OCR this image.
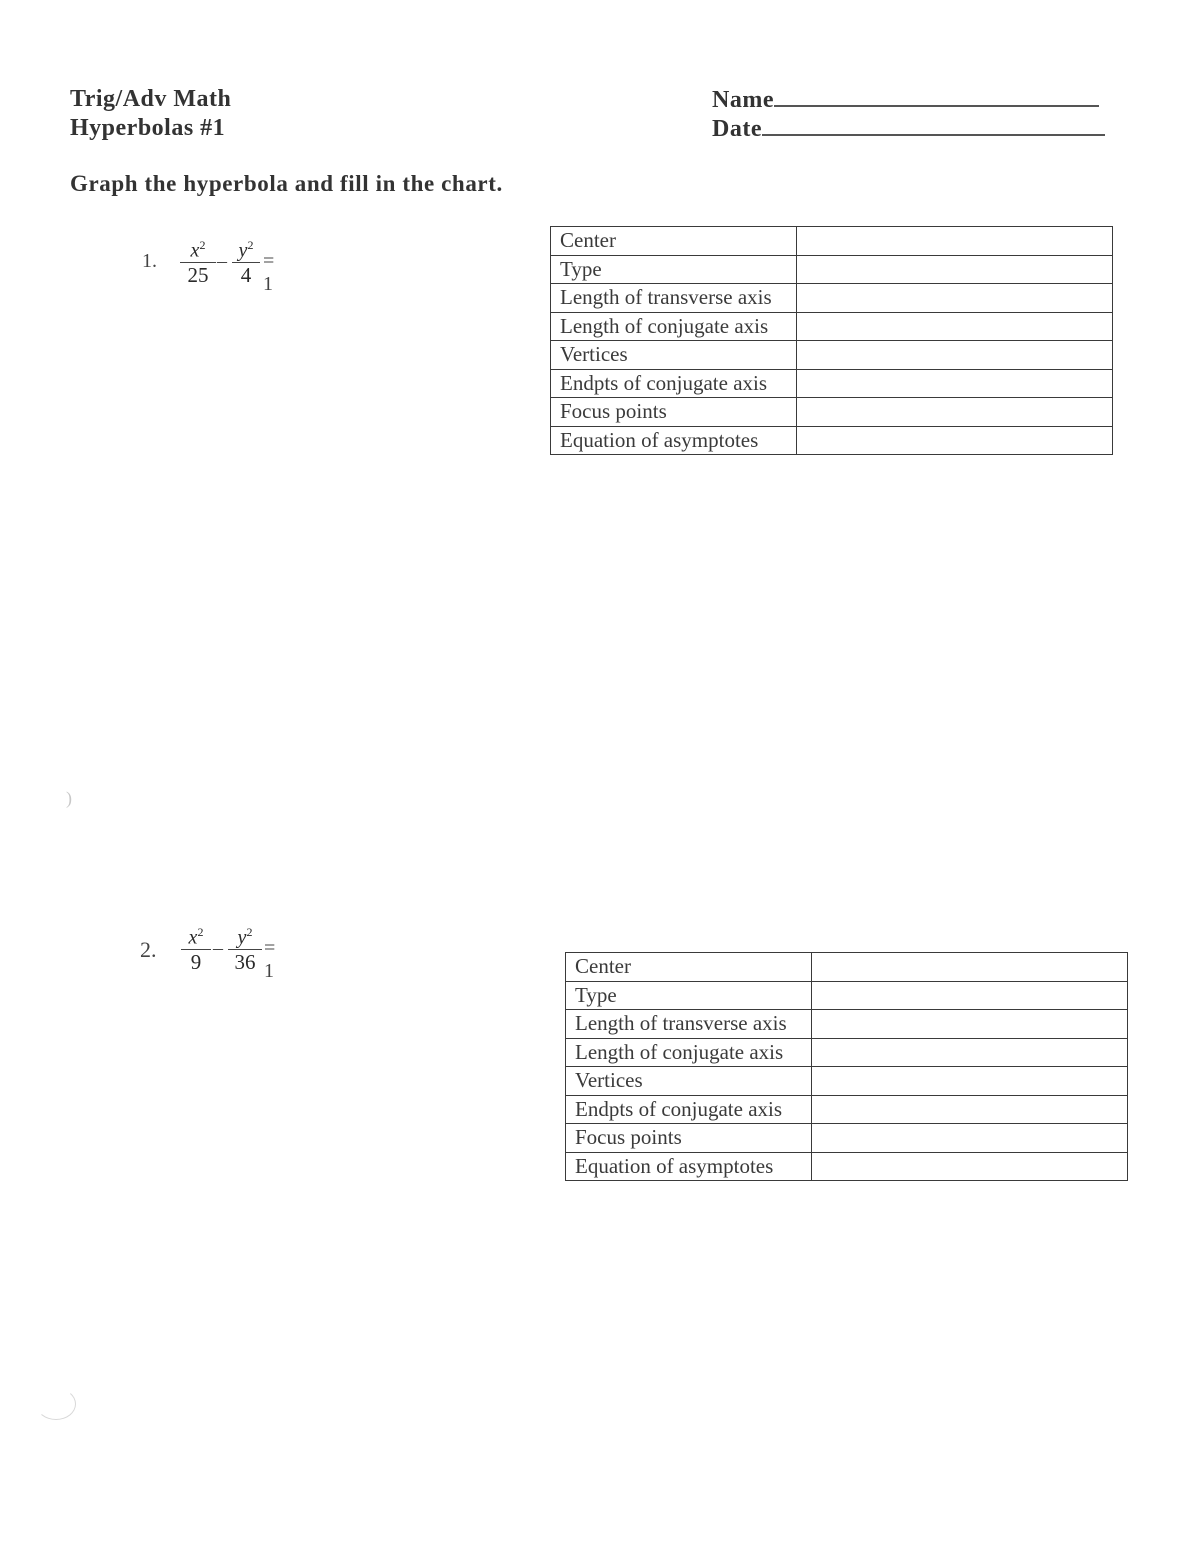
Trig/Adv Math
Hyperbolas #1
Name
Date
Graph the hyperbola and fill in the chart.
1. $\frac{x^2}{25} - \frac{y^2}{4} = 1$
Center	
Type	
Length of transverse axis	
Length of conjugate axis	
Vertices	
Endpts of conjugate axis	
Focus points	
Equation of asymptotes	
2. $\frac{x^2}{9} - \frac{y^2}{36} = 1$	Center	
Type	
Length of transverse axis	
Length of conjugate axis	
Vertices	
Endpts of conjugate axis	
Focus points	
Equation of asymptotes	
)
